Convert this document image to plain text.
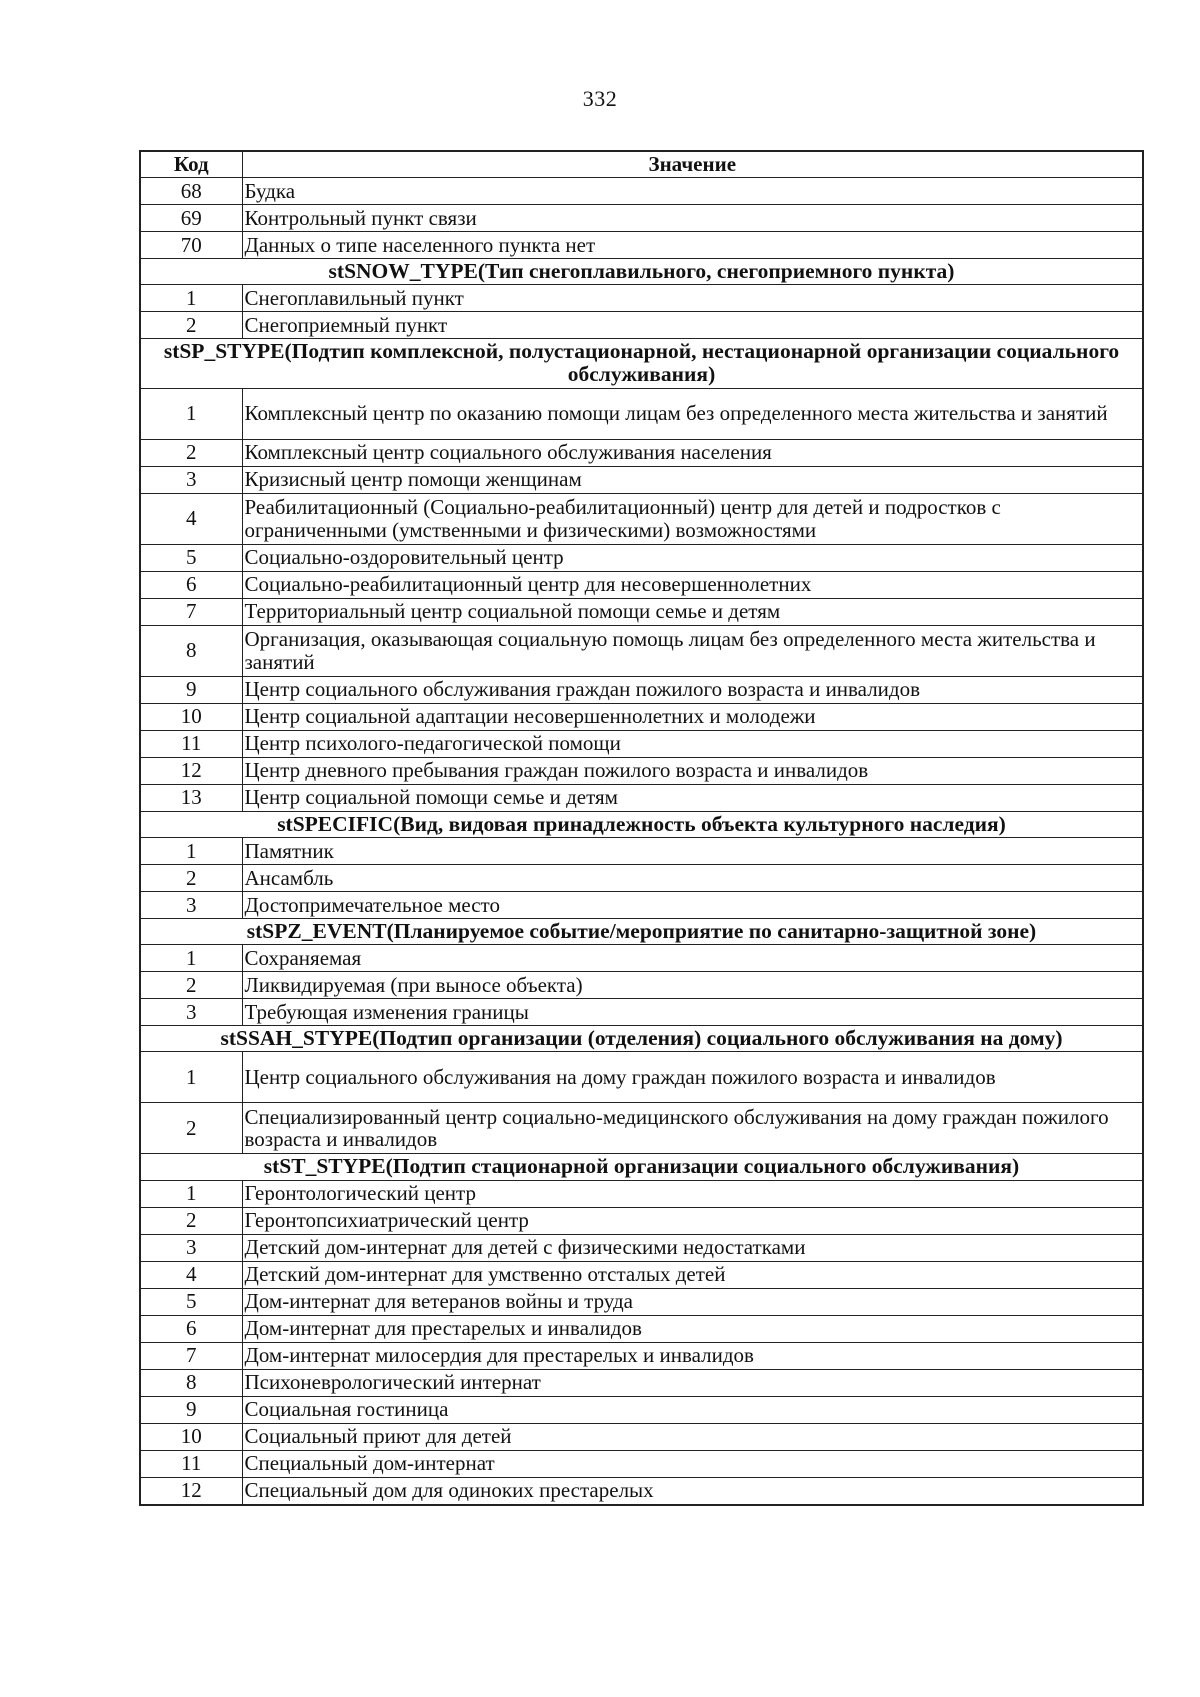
332
Код	Значение
68	Будка
69	Контрольный пункт связи
70	Данных о типе населенного пункта нет
stSNOW_TYPE(Тип снегоплавильного, снегоприемного пункта)	
1	Снегоплавильный пункт
2	Снегоприемный пункт
stSP_STYPE(Подтип комплексной, полустационарной, нестационарной организации социального обслуживания)	
1	Комплексный центр по оказанию помощи лицам без определенного места жительства и занятий
2	Комплексный центр социального обслуживания населения
3	Кризисный центр помощи женщинам
4	Реабилитационный (Социально-реабилитационный) центр для детей и подростков с ограниченными (умственными и физическими) возможностями
5	Социально-оздоровительный центр
6	Социально-реабилитационный центр для несовершеннолетних
7	Территориальный центр социальной помощи семье и детям
8	Организация, оказывающая социальную помощь лицам без определенного места жительства и занятий
9	Центр социального обслуживания граждан пожилого возраста и инвалидов
10	Центр социальной адаптации несовершеннолетних и молодежи
11	Центр психолого-педагогической помощи
12	Центр дневного пребывания граждан пожилого возраста и инвалидов
13	Центр социальной помощи семье и детям
stSPECIFIC(Вид, видовая принадлежность объекта культурного наследия)	
1	Памятник
2	Ансамбль
3	Достопримечательное место
stSPZ_EVENT(Планируемое событие/мероприятие по санитарно-защитной зоне)	
1	Сохраняемая
2	Ликвидируемая (при выносе объекта)
3	Требующая изменения границы
stSSAH_STYPE(Подтип организации (отделения) социального обслуживания на дому)	
1	Центр социального обслуживания на дому граждан пожилого возраста и инвалидов
2	Специализированный центр социально-медицинского обслуживания на дому граждан пожилого возраста и инвалидов
stST_STYPE(Подтип стационарной организации социального обслуживания)	
1	Геронтологический центр
2	Геронтопсихиатрический центр
3	Детский дом-интернат для детей с физическими недостатками
4	Детский дом-интернат для умственно отсталых детей
5	Дом-интернат для ветеранов войны и труда
6	Дом-интернат для престарелых и инвалидов
7	Дом-интернат милосердия для престарелых и инвалидов
8	Психоневрологический интернат
9	Социальная гостиница
10	Социальный приют для детей
11	Специальный дом-интернат
12	Специальный дом для одиноких престарелых
